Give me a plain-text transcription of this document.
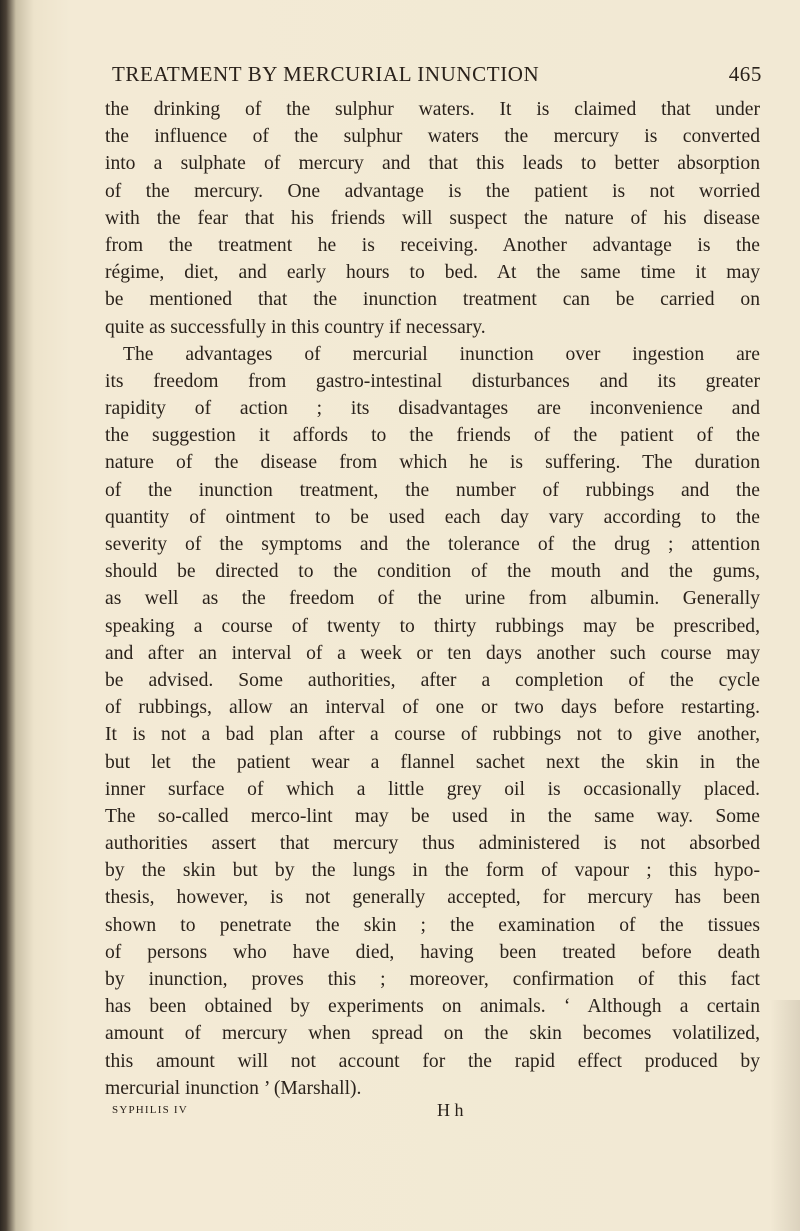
TREATMENT BY MERCURIAL INUNCTION	465
the drinking of the sulphur waters. It is claimed that under
the influence of the sulphur waters the mercury is converted
into a sulphate of mercury and that this leads to better absorption
of the mercury. One advantage is the patient is not worried
with the fear that his friends will suspect the nature of his disease
from the treatment he is receiving. Another advantage is the
régime, diet, and early hours to bed. At the same time it may
be mentioned that the inunction treatment can be carried on
quite as successfully in this country if necessary.
The advantages of mercurial inunction over ingestion are
its freedom from gastro-intestinal disturbances and its greater
rapidity of action ; its disadvantages are inconvenience and
the suggestion it affords to the friends of the patient of the
nature of the disease from which he is suffering. The duration
of the inunction treatment, the number of rubbings and the
quantity of ointment to be used each day vary according to the
severity of the symptoms and the tolerance of the drug ; attention
should be directed to the condition of the mouth and the gums,
as well as the freedom of the urine from albumin. Generally
speaking a course of twenty to thirty rubbings may be prescribed,
and after an interval of a week or ten days another such course may
be advised. Some authorities, after a completion of the cycle
of rubbings, allow an interval of one or two days before restarting.
It is not a bad plan after a course of rubbings not to give another,
but let the patient wear a flannel sachet next the skin in the
inner surface of which a little grey oil is occasionally placed.
The so-called merco-lint may be used in the same way. Some
authorities assert that mercury thus administered is not absorbed
by the skin but by the lungs in the form of vapour ; this hypo-
thesis, however, is not generally accepted, for mercury has been
shown to penetrate the skin ; the examination of the tissues
of persons who have died, having been treated before death
by inunction, proves this ; moreover, confirmation of this fact
has been obtained by experiments on animals. ‘ Although a certain
amount of mercury when spread on the skin becomes volatilized,
this amount will not account for the rapid effect produced by
mercurial inunction ’ (Marshall).
SYPHILIS IV	H h
